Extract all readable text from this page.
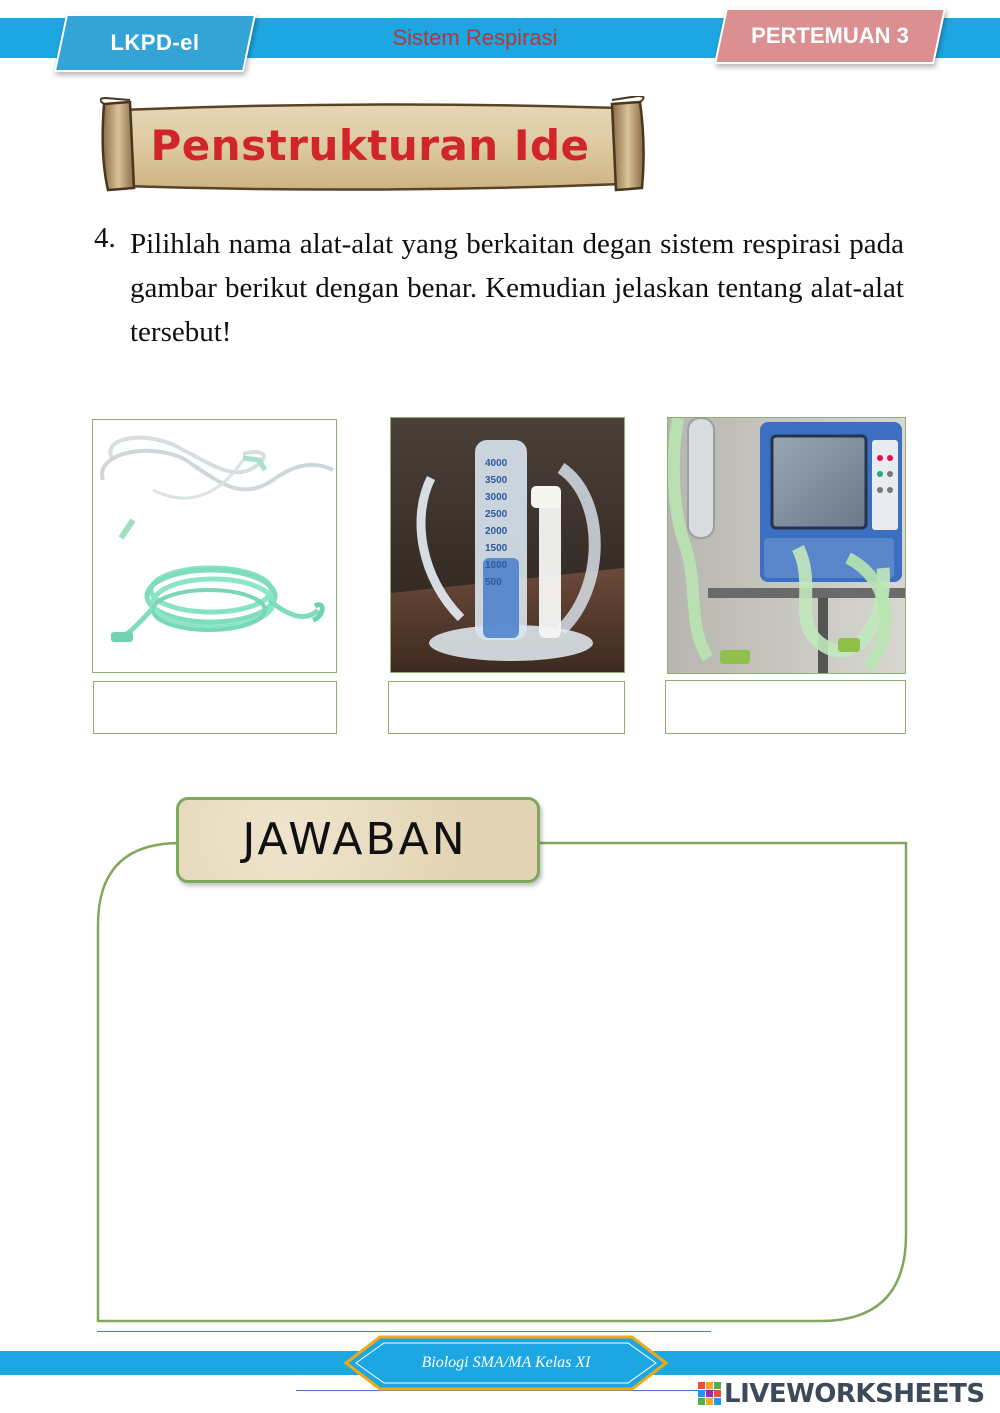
LKPD-el	Sistem Respirasi	PERTEMUAN 3
Penstrukturan Ide
4. Pilihlah nama alat-alat yang berkaitan degan sistem respirasi pada gambar berikut dengan benar. Kemudian jelaskan tentang alat-alat tersebut!
4000
3500
3000
2500
2000
1500
1000
500
JAWABAN
Biologi SMA/MA Kelas XI
LIVEWORKSHEETS
